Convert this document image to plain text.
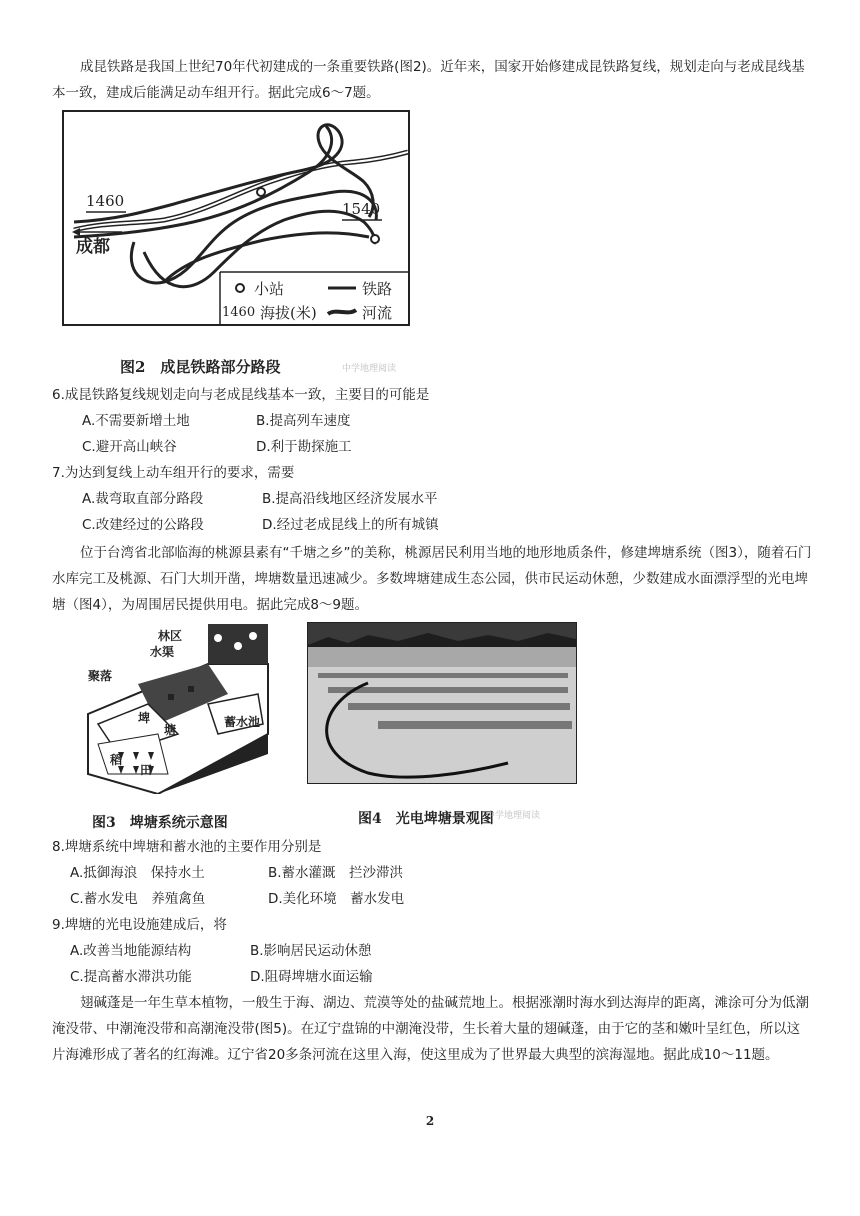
成昆铁路是我国上世纪70年代初建成的一条重要铁路(图2)。近年来，国家开始修建成昆铁路复线，规划走向与老成昆线基本一致，建成后能满足动车组开行。据此完成6～7题。
1460	1540
成都
小站	铁路
1460 海拔(米)	河流
图2　成昆铁路部分路段	中学地理阅读
6.成昆铁路复线规划走向与老成昆线基本一致，主要目的可能是
A.不需要新增土地	B.提高列车速度
C.避开高山峡谷	D.利于勘探施工
7.为达到复线上动车组开行的要求，需要
A.裁弯取直部分路段	B.提高沿线地区经济发展水平
C.改建经过的公路段	D.经过老成昆线上的所有城镇
位于台湾省北部临海的桃源县素有“千塘之乡”的美称，桃源居民利用当地的地形地质条件，修建埤塘系统（图3），随着石门水库完工及桃源、石门大圳开凿，埤塘数量迅速减少。多数埤塘建成生态公园，供市民运动休憩，少数建成水面漂浮型的光电埤塘（图4），为周围居民提供用电。据此完成8～9题。
林区
水渠
聚落
埤
塘
蓄水池
稻
田
图3　埤塘系统示意图	图4　光电埤塘景观图
中学地理阅读
8.埤塘系统中埤塘和蓄水池的主要作用分别是
A.抵御海浪　保持水土	B.蓄水灌溉　拦沙滞洪
C.蓄水发电　养殖禽鱼	D.美化环境　蓄水发电
9.埤塘的光电设施建成后，将
A.改善当地能源结构	B.影响居民运动休憩
C.提高蓄水滞洪功能	D.阻碍埤塘水面运输
翅碱蓬是一年生草本植物，一般生于海、湖边、荒漠等处的盐碱荒地上。根据涨潮时海水到达海岸的距离，滩涂可分为低潮淹没带、中潮淹没带和高潮淹没带(图5)。在辽宁盘锦的中潮淹没带，生长着大量的翅碱蓬，由于它的茎和嫩叶呈红色，所以这片海滩形成了著名的红海滩。辽宁省20多条河流在这里入海，使这里成为了世界最大典型的滨海湿地。据此成10～11题。
2
